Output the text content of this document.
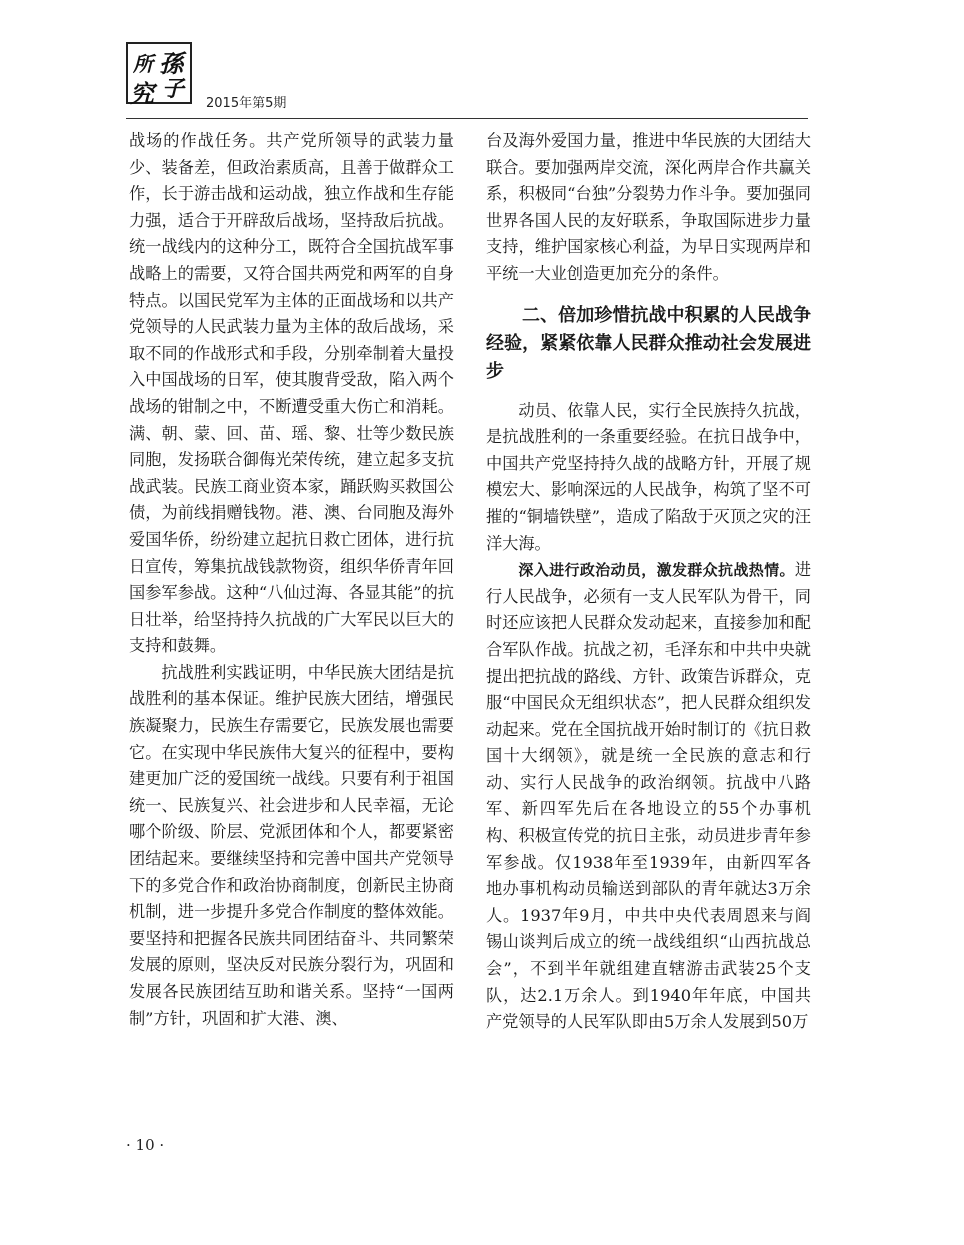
所 孫
究 子
2015年第5期

战场的作战任务。共产党所领导的武装力量少、装备差，但政治素质高，且善于做群众工作，长于游击战和运动战，独立作战和生存能力强，适合于开辟敌后战场，坚持敌后抗战。统一战线内的这种分工，既符合全国抗战军事战略上的需要，又符合国共两党和两军的自身特点。以国民党军为主体的正面战场和以共产党领导的人民武装力量为主体的敌后战场，采取不同的作战形式和手段，分别牵制着大量投入中国战场的日军，使其腹背受敌，陷入两个战场的钳制之中，不断遭受重大伤亡和消耗。满、朝、蒙、回、苗、瑶、黎、壮等少数民族同胞，发扬联合御侮光荣传统，建立起多支抗战武装。民族工商业资本家，踊跃购买救国公债，为前线捐赠钱物。港、澳、台同胞及海外爱国华侨，纷纷建立起抗日救亡团体，进行抗日宣传，筹集抗战钱款物资，组织华侨青年回国参军参战。这种“八仙过海、各显其能”的抗日壮举，给坚持持久抗战的广大军民以巨大的支持和鼓舞。

抗战胜利实践证明，中华民族大团结是抗战胜利的基本保证。维护民族大团结，增强民族凝聚力，民族生存需要它，民族发展也需要它。在实现中华民族伟大复兴的征程中，要构建更加广泛的爱国统一战线。只要有利于祖国统一、民族复兴、社会进步和人民幸福，无论哪个阶级、阶层、党派团体和个人，都要紧密团结起来。要继续坚持和完善中国共产党领导下的多党合作和政治协商制度，创新民主协商机制，进一步提升多党合作制度的整体效能。要坚持和把握各民族共同团结奋斗、共同繁荣发展的原则，坚决反对民族分裂行为，巩固和发展各民族团结互助和谐关系。坚持“一国两制”方针，巩固和扩大港、澳、

台及海外爱国力量，推进中华民族的大团结大联合。要加强两岸交流，深化两岸合作共赢关系，积极同“台独”分裂势力作斗争。要加强同世界各国人民的友好联系，争取国际进步力量支持，维护国家核心利益，为早日实现两岸和平统一大业创造更加充分的条件。

二、倍加珍惜抗战中积累的人民战争经验，紧紧依靠人民群众推动社会发展进步

动员、依靠人民，实行全民族持久抗战，是抗战胜利的一条重要经验。在抗日战争中，中国共产党坚持持久战的战略方针，开展了规模宏大、影响深远的人民战争，构筑了坚不可摧的“铜墙铁壁”，造成了陷敌于灭顶之灾的汪洋大海。

深入进行政治动员，激发群众抗战热情。进行人民战争，必须有一支人民军队为骨干，同时还应该把人民群众发动起来，直接参加和配合军队作战。抗战之初，毛泽东和中共中央就提出把抗战的路线、方针、政策告诉群众，克服“中国民众无组织状态”，把人民群众组织发动起来。党在全国抗战开始时制订的《抗日救国十大纲领》，就是统一全民族的意志和行动、实行人民战争的政治纲领。抗战中八路军、新四军先后在各地设立的55个办事机构、积极宣传党的抗日主张，动员进步青年参军参战。仅1938年至1939年，由新四军各地办事机构动员输送到部队的青年就达3万余人。1937年9月，中共中央代表周恩来与阎锡山谈判后成立的统一战线组织“山西抗战总会”，不到半年就组建直辖游击武装25个支队，达2.1万余人。到1940年年底，中国共产党领导的人民军队即由5万余人发展到50万

· 10 ·
